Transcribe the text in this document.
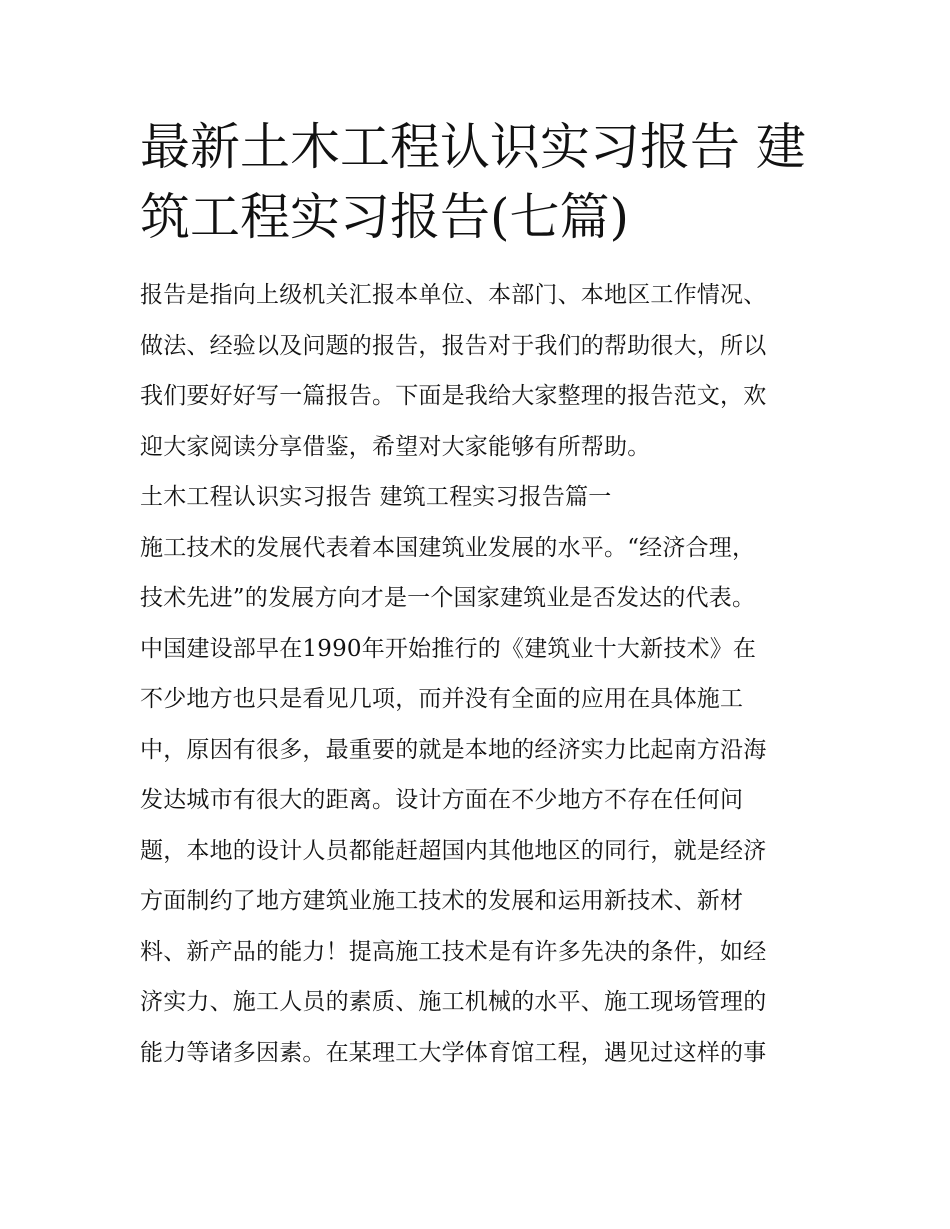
最新土木工程认识实习报告 建
筑工程实习报告(七篇)
报告是指向上级机关汇报本单位、本部门、本地区工作情况、
做法、经验以及问题的报告，报告对于我们的帮助很大，所以
我们要好好写一篇报告。下面是我给大家整理的报告范文，欢
迎大家阅读分享借鉴，希望对大家能够有所帮助。
土木工程认识实习报告 建筑工程实习报告篇一
施工技术的发展代表着本国建筑业发展的水平。“经济合理，
技术先进”的发展方向才是一个国家建筑业是否发达的代表。
中国建设部早在1990年开始推行的《建筑业十大新技术》在
不少地方也只是看见几项，而并没有全面的应用在具体施工
中，原因有很多，最重要的就是本地的经济实力比起南方沿海
发达城市有很大的距离。设计方面在不少地方不存在任何问
题，本地的设计人员都能赶超国内其他地区的同行，就是经济
方面制约了地方建筑业施工技术的发展和运用新技术、新材
料、新产品的能力！提高施工技术是有许多先决的条件，如经
济实力、施工人员的素质、施工机械的水平、施工现场管理的
能力等诸多因素。在某理工大学体育馆工程，遇见过这样的事
